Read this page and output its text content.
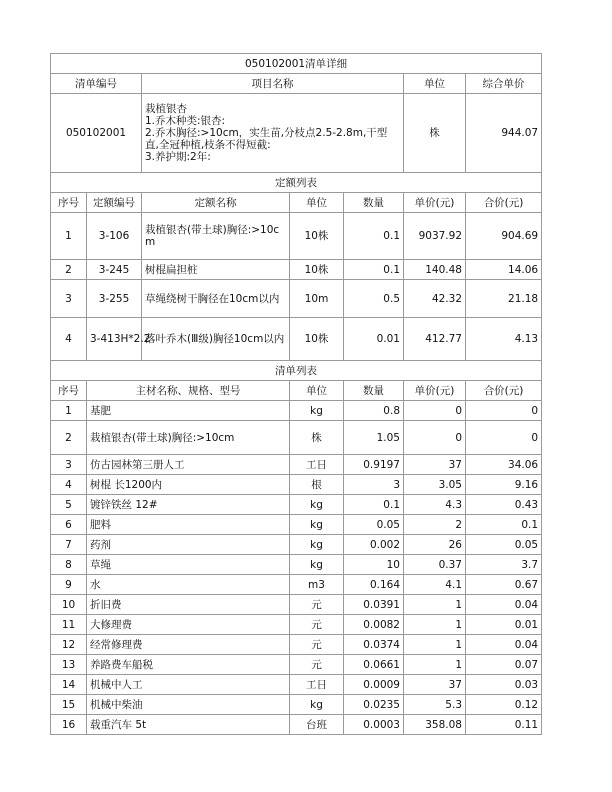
050102001清单详细						
清单编号		项目名称			单位	综合单价
050102001		栽植银杏
1.乔木种类:银杏:
2.乔木胸径:>10cm，实生苗,分枝点2.5-2.8m,干型直,全冠种植,枝条不得短截:
3.养护期:2年:			株	944.07
定额列表						
序号	定额编号	定额名称	单位	数量	单价(元)	合价(元)
1	3-106	栽植银杏(带土球)胸径:>10cm	10株	0.1	9037.92	904.69
2	3-245	树棍扁担桩	10株	0.1	140.48	14.06
3	3-255	草绳绕树干胸径在10cm以内	10m	0.5	42.32	21.18
4	3-413H*2.2	落叶乔木(Ⅲ级)胸径10cm以内	10株	0.01	412.77	4.13
清单列表						
序号	主材名称、规格、型号		单位	数量	单价(元)	合价(元)
1	基肥		kg	0.8	0	0
2	栽植银杏(带土球)胸径:>10cm		株	1.05	0	0
3	仿古园林第三册人工		工日	0.9197	37	34.06
4	树棍 长1200内		根	3	3.05	9.16
5	镀锌铁丝 12#		kg	0.1	4.3	0.43
6	肥料		kg	0.05	2	0.1
7	药剂		kg	0.002	26	0.05
8	草绳		kg	10	0.37	3.7
9	水		m3	0.164	4.1	0.67
10	折旧费		元	0.0391	1	0.04
11	大修理费		元	0.0082	1	0.01
12	经常修理费		元	0.0374	1	0.04
13	养路费车船税		元	0.0661	1	0.07
14	机械中人工		工日	0.0009	37	0.03
15	机械中柴油		kg	0.0235	5.3	0.12
16	载重汽车 5t		台班	0.0003	358.08	0.11
